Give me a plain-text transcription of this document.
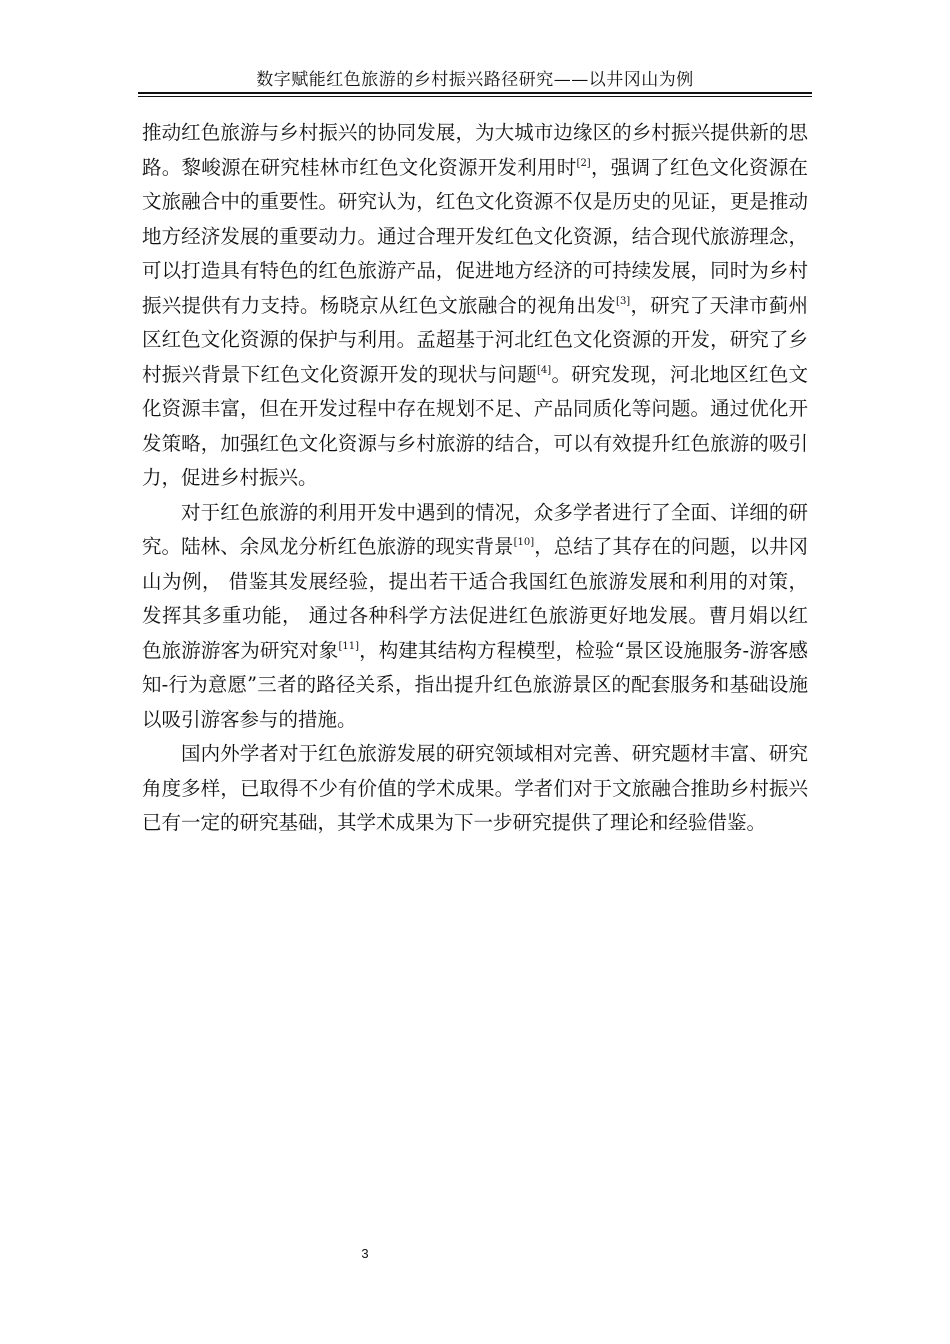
数字赋能红色旅游的乡村振兴路径研究——以井冈山为例

推动红色旅游与乡村振兴的协同发展，为大城市边缘区的乡村振兴提供新的思路。黎峻源在研究桂林市红色文化资源开发利用时[2]，强调了红色文化资源在文旅融合中的重要性。研究认为，红色文化资源不仅是历史的见证，更是推动地方经济发展的重要动力。通过合理开发红色文化资源，结合现代旅游理念，可以打造具有特色的红色旅游产品，促进地方经济的可持续发展，同时为乡村振兴提供有力支持。杨晓京从红色文旅融合的视角出发[3]，研究了天津市蓟州区红色文化资源的保护与利用。孟超基于河北红色文化资源的开发，研究了乡村振兴背景下红色文化资源开发的现状与问题[4]。研究发现，河北地区红色文化资源丰富，但在开发过程中存在规划不足、产品同质化等问题。通过优化开发策略，加强红色文化资源与乡村旅游的结合，可以有效提升红色旅游的吸引力，促进乡村振兴。

对于红色旅游的利用开发中遇到的情况，众多学者进行了全面、详细的研究。陆林、余凤龙分析红色旅游的现实背景[10]，总结了其存在的问题，以井冈山为例， 借鉴其发展经验，提出若干适合我国红色旅游发展和利用的对策，发挥其多重功能， 通过各种科学方法促进红色旅游更好地发展。曹月娟以红色旅游游客为研究对象[11]，构建其结构方程模型，检验“景区设施服务-游客感知-行为意愿”三者的路径关系，指出提升红色旅游景区的配套服务和基础设施以吸引游客参与的措施。

国内外学者对于红色旅游发展的研究领域相对完善、研究题材丰富、研究角度多样，已取得不少有价值的学术成果。学者们对于文旅融合推助乡村振兴已有一定的研究基础，其学术成果为下一步研究提供了理论和经验借鉴。

3
